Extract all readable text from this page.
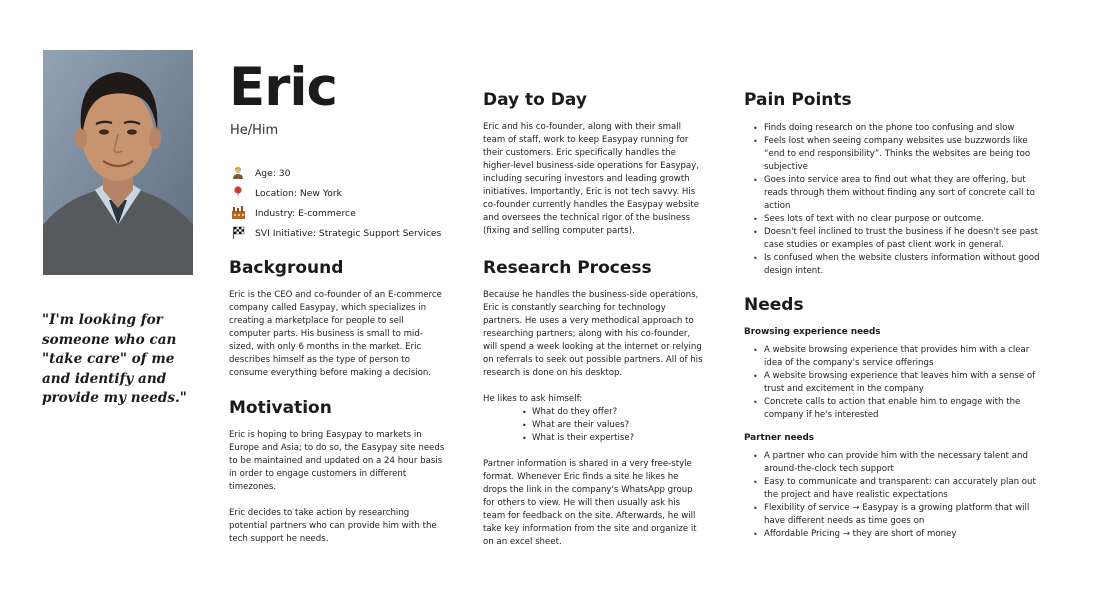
"I'm looking for someone who can "take care" of me and identify and provide my needs."
Eric
He/Him
Age: 30
Location: New York
Industry: E-commerce
SVI Initiative: Strategic Support Services
Background

Eric is the CEO and co-founder of an E-commerce company called Easypay, which specializes in creating a marketplace for people to sell computer parts. His business is small to mid-sized, with only 6 months in the market. Eric describes himself as the type of person to consume everything before making a decision.

Motivation

Eric is hoping to bring Easypay to markets in Europe and Asia; to do so, the Easypay site needs to be maintained and updated on a 24 hour basis in order to engage customers in different timezones.

Eric decides to take action by researching potential partners who can provide him with the tech support he needs.

Day to Day

Eric and his co-founder, along with their small team of staff, work to keep Easypay running for their customers. Eric specifically handles the higher-level business-side operations for Easypay, including securing investors and leading growth initiatives. Importantly, Eric is not tech savvy. His co-founder currently handles the Easypay website and oversees the technical rigor of the business (fixing and selling computer parts).

Research Process

Because he handles the business-side operations, Eric is constantly searching for technology partners. He uses a very methodical approach to researching partners; along with his co-founder, will spend a week looking at the internet or relying on referrals to seek out possible partners. All of his research is done on his desktop.

He likes to ask himself:

• What do they offer?
• What are their values?
• What is their expertise?

Partner information is shared in a very free-style format. Whenever Eric finds a site he likes he drops the link in the company's WhatsApp group for others to view. He will then usually ask his team for feedback on the site. Afterwards, he will take key information from the site and organize it on an excel sheet.

Pain Points
• Finds doing research on the phone too confusing and slow
• Feels lost when seeing company websites use buzzwords like “end to end responsibility”. Thinks the websites are being too subjective
• Goes into service area to find out what they are offering, but reads through them without finding any sort of concrete call to action
• Sees lots of text with no clear purpose or outcome.
• Doesn't feel inclined to trust the business if he doesn't see past case studies or examples of past client work in general.
• Is confused when the website clusters information without good design intent.
Needs

Browsing experience needs

• A website browsing experience that provides him with a clear idea of the company's service offerings
• A website browsing experience that leaves him with a sense of trust and excitement in the company
• Concrete calls to action that enable him to engage with the company if he's interested

Partner needs

• A partner who can provide him with the necessary talent and around-the-clock tech support
• Easy to communicate and transparent: can accurately plan out the project and have realistic expectations
• Flexibility of service → Easypay is a growing platform that will have different needs as time goes on
• Affordable Pricing → they are short of money
